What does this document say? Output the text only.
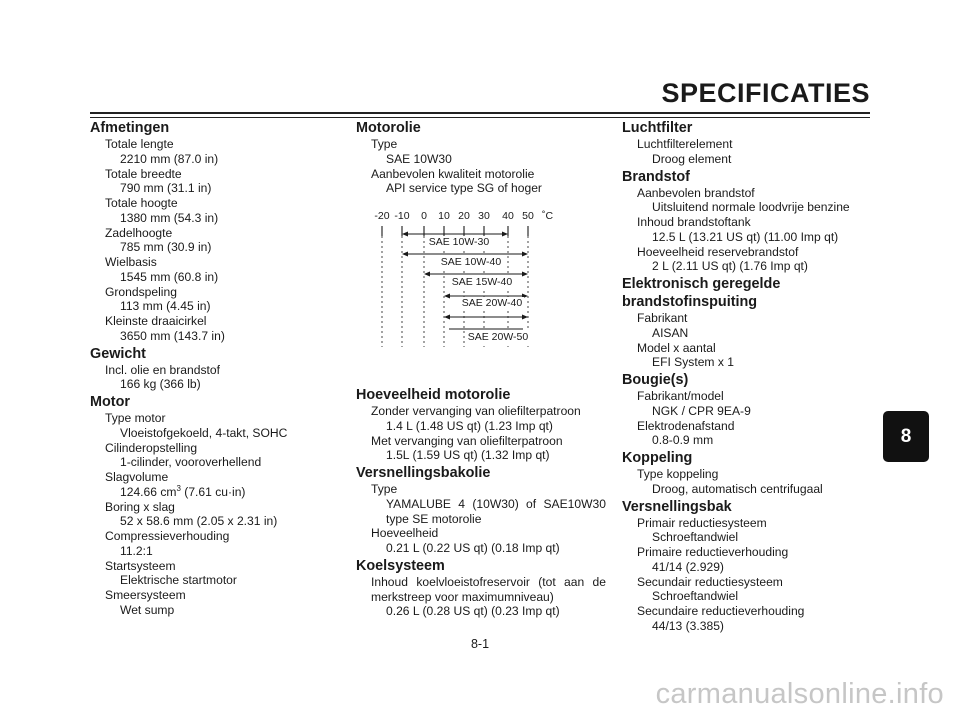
SPECIFICATIES
Afmetingen
Totale lengte
2210 mm (87.0 in)
Totale breedte
790 mm (31.1 in)
Totale hoogte
1380 mm (54.3 in)
Zadelhoogte
785 mm (30.9 in)
Wielbasis
1545 mm (60.8 in)
Grondspeling
113 mm (4.45 in)
Kleinste draaicirkel
3650 mm (143.7 in)
Gewicht
Incl. olie en brandstof
166 kg (366 lb)
Motor
Type motor
Vloeistofgekoeld, 4-takt, SOHC
Cilinderopstelling
1-cilinder, vooroverhellend
Slagvolume
124.66 $cm^3$ (7.61 cu·in)
Boring x slag
52 x 58.6 mm (2.05 x 2.31 in)
Compressieverhouding
11.2:1
Startsysteem
Elektrische startmotor
Smeersysteem
Wet sump
Motorolie
Type
SAE 10W30
Aanbevolen kwaliteit motorolie
API service type SG of hoger
-20 -10 0 10 20 30 40 50 ˚C
SAE 10W-30
SAE 10W-40
SAE 15W-40
SAE 20W-40
SAE 20W-50
Hoeveelheid motorolie
Zonder vervanging van oliefilterpatroon
1.4 L (1.48 US qt) (1.23 Imp qt)
Met vervanging van oliefilterpatroon
1.5L (1.59 US qt) (1.32 Imp qt)
Versnellingsbakolie
Type
YAMALUBE 4 (10W30) of SAE10W30
type SE motorolie
Hoeveelheid
0.21 L (0.22 US qt) (0.18 Imp qt)
Koelsysteem
Inhoud koelvloeistofreservoir (tot aan de
merkstreep voor maximumniveau)
0.26 L (0.28 US qt) (0.23 Imp qt)
Luchtfilter
Luchtfilterelement
Droog element
Brandstof
Aanbevolen brandstof
Uitsluitend normale loodvrije benzine
Inhoud brandstoftank
12.5 L (13.21 US qt) (11.00 Imp qt)
Hoeveelheid reservebrandstof
2 L (2.11 US qt) (1.76 Imp qt)
Elektronisch geregelde
brandstofinspuiting
Fabrikant
AISAN
Model x aantal
EFI System x 1
Bougie(s)
Fabrikant/model
NGK / CPR 9EA-9
Elektrodenafstand
0.8-0.9 mm
Koppeling
Type koppeling
Droog, automatisch centrifugaal
Versnellingsbak
Primair reductiesysteem
Schroeftandwiel
Primaire reductieverhouding
41/14 (2.929)
Secundair reductiesysteem
Schroeftandwiel
Secundaire reductieverhouding
44/13 (3.385)
8
8-1
carmanualsonline.info
